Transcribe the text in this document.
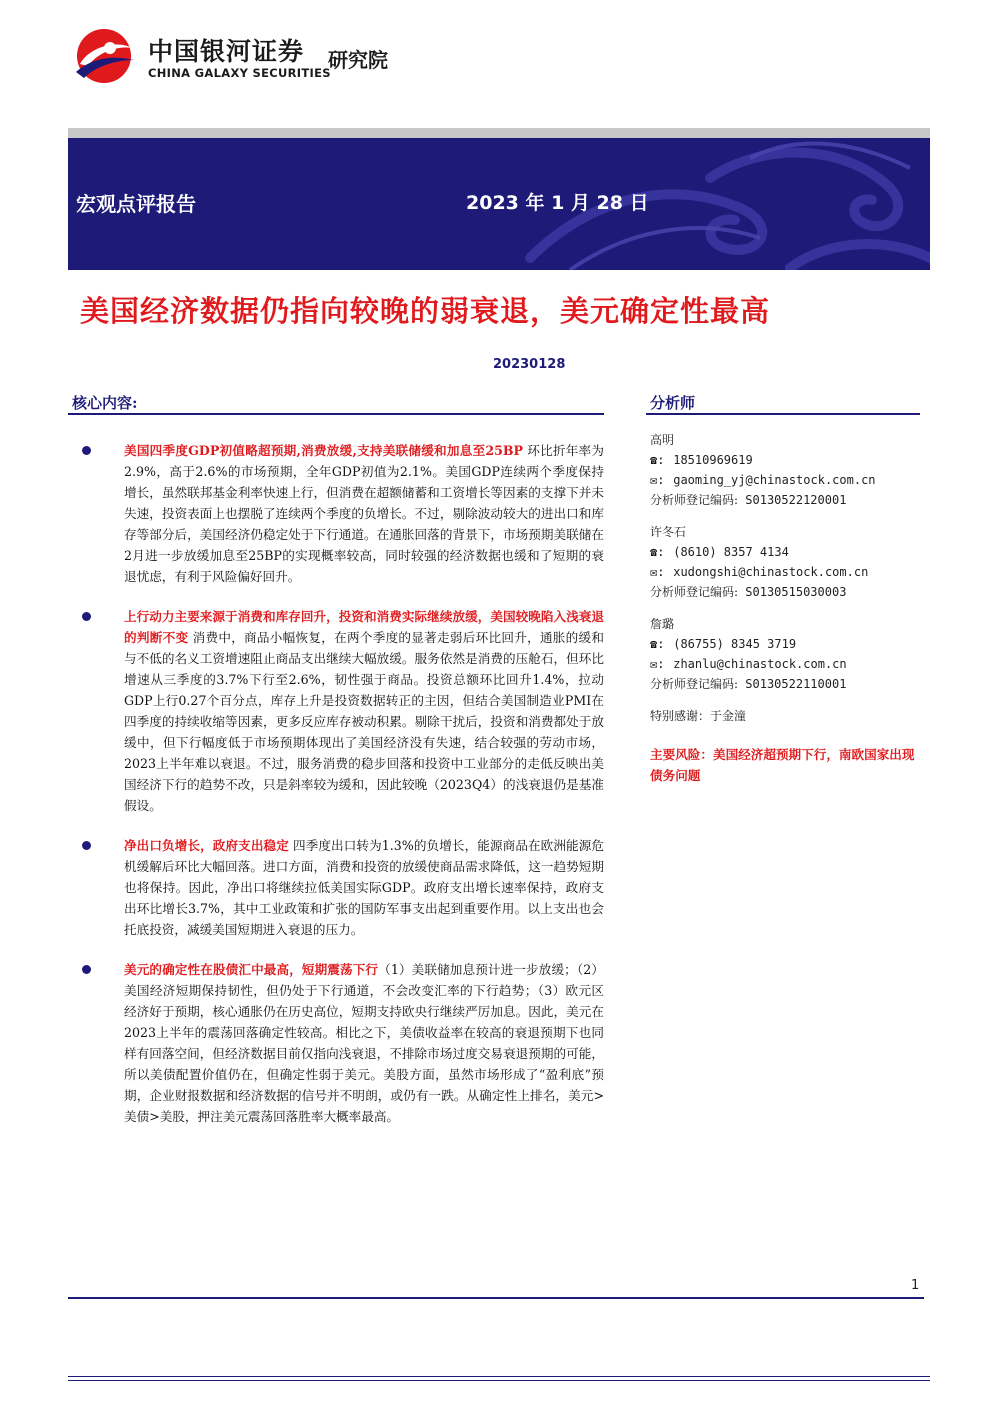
中国银河证券
CHINA GALAXY SECURITIES
研究院
宏观点评报告	2023 年 1 月 28 日
美国经济数据仍指向较晚的弱衰退，美元确定性最高
20230128
核心内容:	分析师
美国四季度GDP初值略超预期,消费放缓,支持美联储缓和加息至25BP 环比折年率为2.9%，高于2.6%的市场预期，全年GDP初值为2.1%。美国GDP连续两个季度保持增长，虽然联邦基金利率快速上行，但消费在超额储蓄和工资增长等因素的支撑下并未失速，投资表面上也摆脱了连续两个季度的负增长。不过，剔除波动较大的进出口和库存等部分后，美国经济仍稳定处于下行通道。在通胀回落的背景下，市场预期美联储在2月进一步放缓加息至25BP的实现概率较高，同时较强的经济数据也缓和了短期的衰退忧虑，有利于风险偏好回升。
上行动力主要来源于消费和库存回升，投资和消费实际继续放缓，美国较晚陷入浅衰退的判断不变 消费中，商品小幅恢复，在两个季度的显著走弱后环比回升，通胀的缓和与不低的名义工资增速阻止商品支出继续大幅放缓。服务依然是消费的压舱石，但环比增速从三季度的3.7%下行至2.6%，韧性强于商品。投资总额环比回升1.4%，拉动GDP上行0.27个百分点，库存上升是投资数据转正的主因，但结合美国制造业PMI在四季度的持续收缩等因素，更多反应库存被动积累。剔除干扰后，投资和消费都处于放缓中，但下行幅度低于市场预期体现出了美国经济没有失速，结合较强的劳动市场，2023上半年难以衰退。不过，服务消费的稳步回落和投资中工业部分的走低反映出美国经济下行的趋势不改，只是斜率较为缓和，因此较晚（2023Q4）的浅衰退仍是基准假设。
净出口负增长，政府支出稳定 四季度出口转为1.3%的负增长，能源商品在欧洲能源危机缓解后环比大幅回落。进口方面，消费和投资的放缓使商品需求降低，这一趋势短期也将保持。因此，净出口将继续拉低美国实际GDP。政府支出增长速率保持，政府支出环比增长3.7%，其中工业政策和扩张的国防军事支出起到重要作用。以上支出也会托底投资，减缓美国短期进入衰退的压力。
美元的确定性在股债汇中最高，短期震荡下行（1）美联储加息预计进一步放缓；（2）美国经济短期保持韧性，但仍处于下行通道，不会改变汇率的下行趋势；（3）欧元区经济好于预期，核心通胀仍在历史高位，短期支持欧央行继续严厉加息。因此，美元在2023上半年的震荡回落确定性较高。相比之下，美债收益率在较高的衰退预期下也同样有回落空间，但经济数据目前仅指向浅衰退，不排除市场过度交易衰退预期的可能，所以美债配置价值仍在，但确定性弱于美元。美股方面，虽然市场形成了“盈利底”预期，企业财报数据和经济数据的信号并不明朗，或仍有一跌。从确定性上排名，美元>美债>美股，押注美元震荡回落胜率大概率最高。
高明
☎: 18510969619
✉: gaoming_yj@chinastock.com.cn
分析师登记编码: S0130522120001
许冬石
☎: (8610) 8357 4134
✉: xudongshi@chinastock.com.cn
分析师登记编码: S0130515030003
詹璐
☎: (86755) 8345 3719
✉: zhanlu@chinastock.com.cn
分析师登记编码: S0130522110001
特别感谢：于金潼
主要风险：美国经济超预期下行，南欧国家出现债务问题
1
